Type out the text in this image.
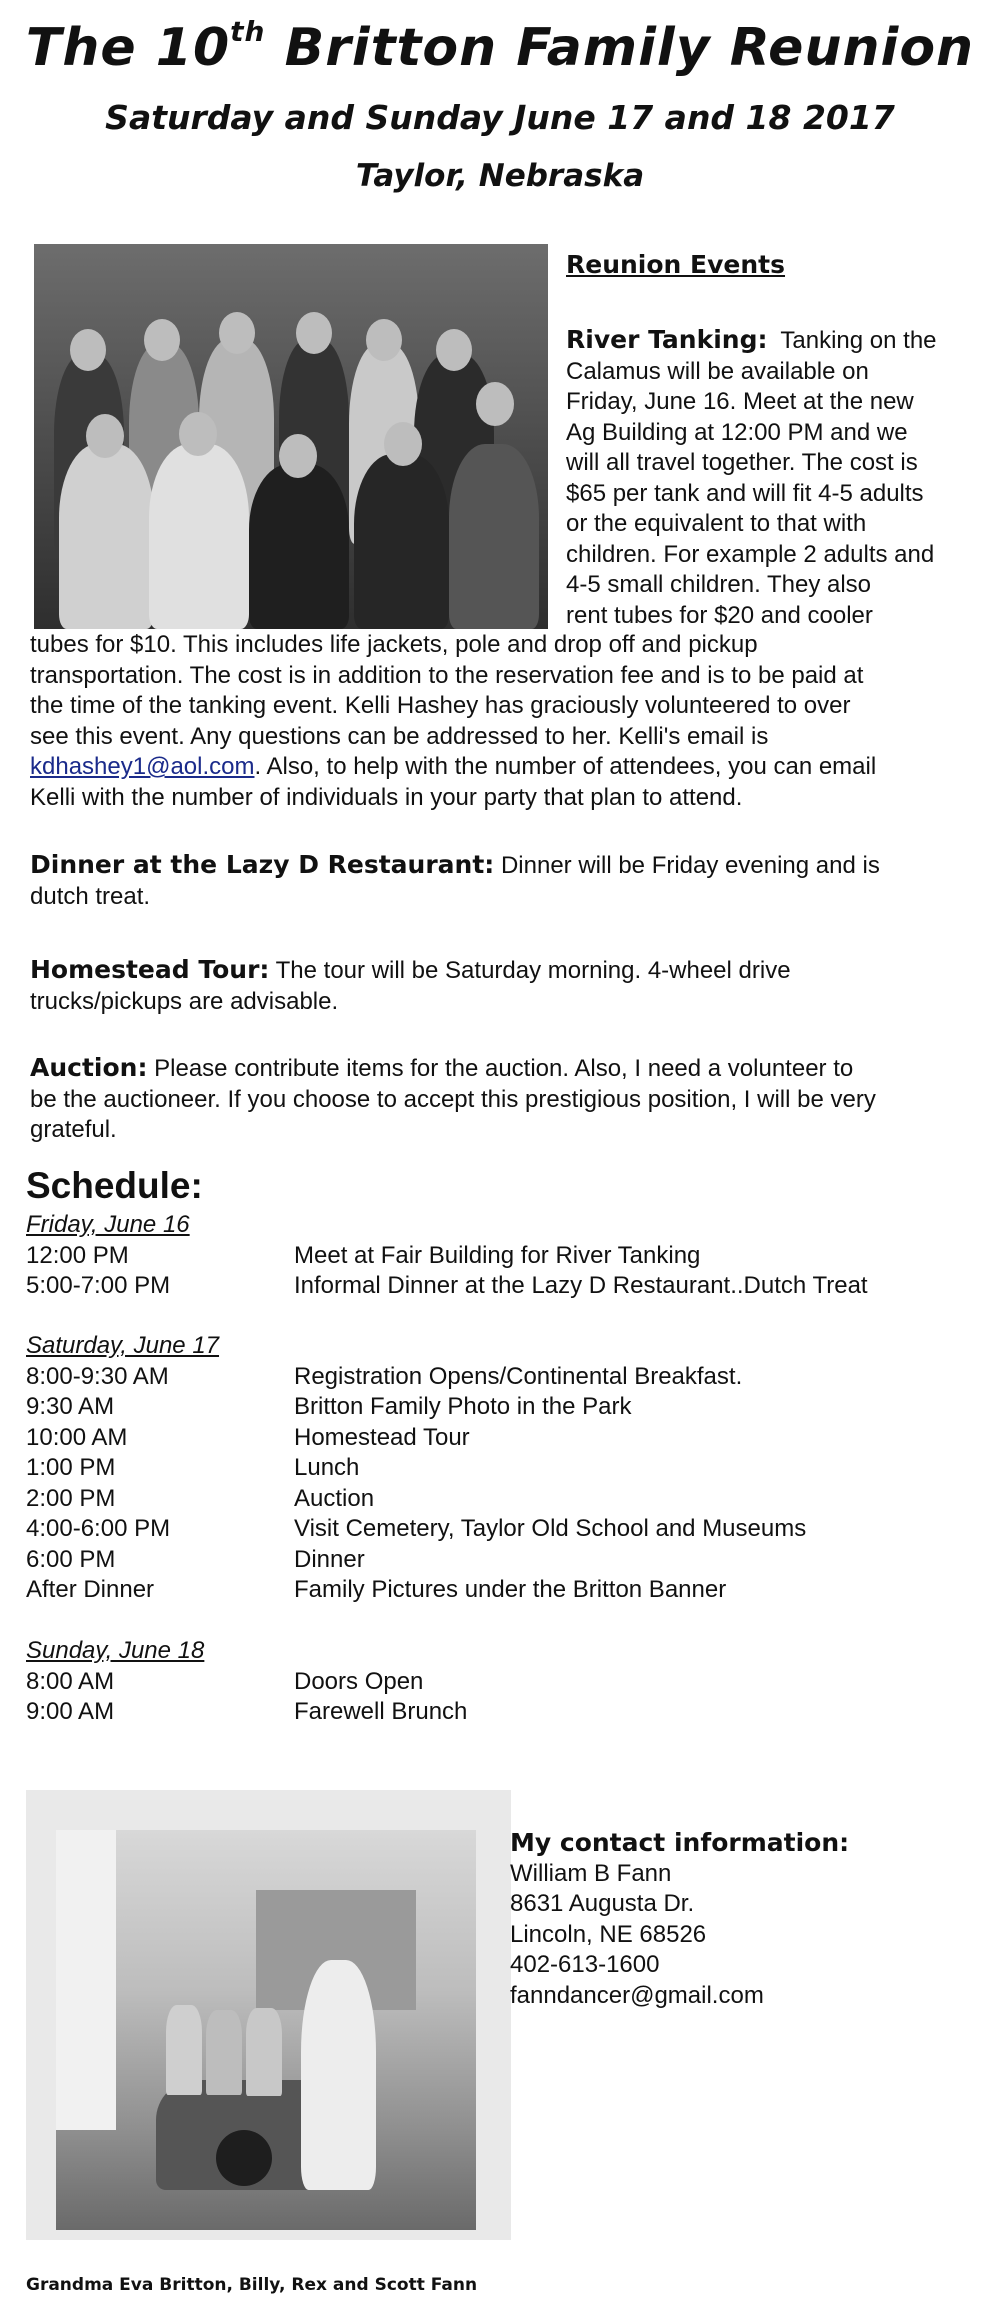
The 10th Britton Family Reunion
Saturday and Sunday June 17 and 18 2017
Taylor, Nebraska
Reunion Events
River Tanking: Tanking on the
Calamus will be available on
Friday, June 16. Meet at the new
Ag Building at 12:00 PM and we
will all travel together. The cost is
$65 per tank and will fit 4-5 adults
or the equivalent to that with
children. For example 2 adults and
4-5 small children. They also
rent tubes for $20 and cooler
tubes for $10. This includes life jackets, pole and drop off and pickup
transportation. The cost is in addition to the reservation fee and is to be paid at
the time of the tanking event. Kelli Hashey has graciously volunteered to over
see this event. Any questions can be addressed to her. Kelli's email is
kdhashey1@aol.com. Also, to help with the number of attendees, you can email
Kelli with the number of individuals in your party that plan to attend.
Dinner at the Lazy D Restaurant: Dinner will be Friday evening and is
dutch treat.
Homestead Tour: The tour will be Saturday morning. 4-wheel drive
trucks/pickups are advisable.
Auction: Please contribute items for the auction. Also, I need a volunteer to
be the auctioneer. If you choose to accept this prestigious position, I will be very
grateful.
Schedule:
Friday, June 16
12:00 PM	Meet at Fair Building for River Tanking
5:00-7:00 PM	Informal Dinner at the Lazy D Restaurant..Dutch Treat
Saturday, June 17
8:00-9:30 AM	Registration Opens/Continental Breakfast.
9:30 AM	Britton Family Photo in the Park
10:00 AM	Homestead Tour
1:00 PM	Lunch
2:00 PM	Auction
4:00-6:00 PM	Visit Cemetery, Taylor Old School and Museums
6:00 PM	Dinner
After Dinner	Family Pictures under the Britton Banner
Sunday, June 18
8:00 AM	Doors Open
9:00 AM	Farewell Brunch
My contact information:
William B Fann
8631 Augusta Dr.
Lincoln, NE 68526
402-613-1600
fanndancer@gmail.com
Grandma Eva Britton, Billy, Rex and Scott Fann
